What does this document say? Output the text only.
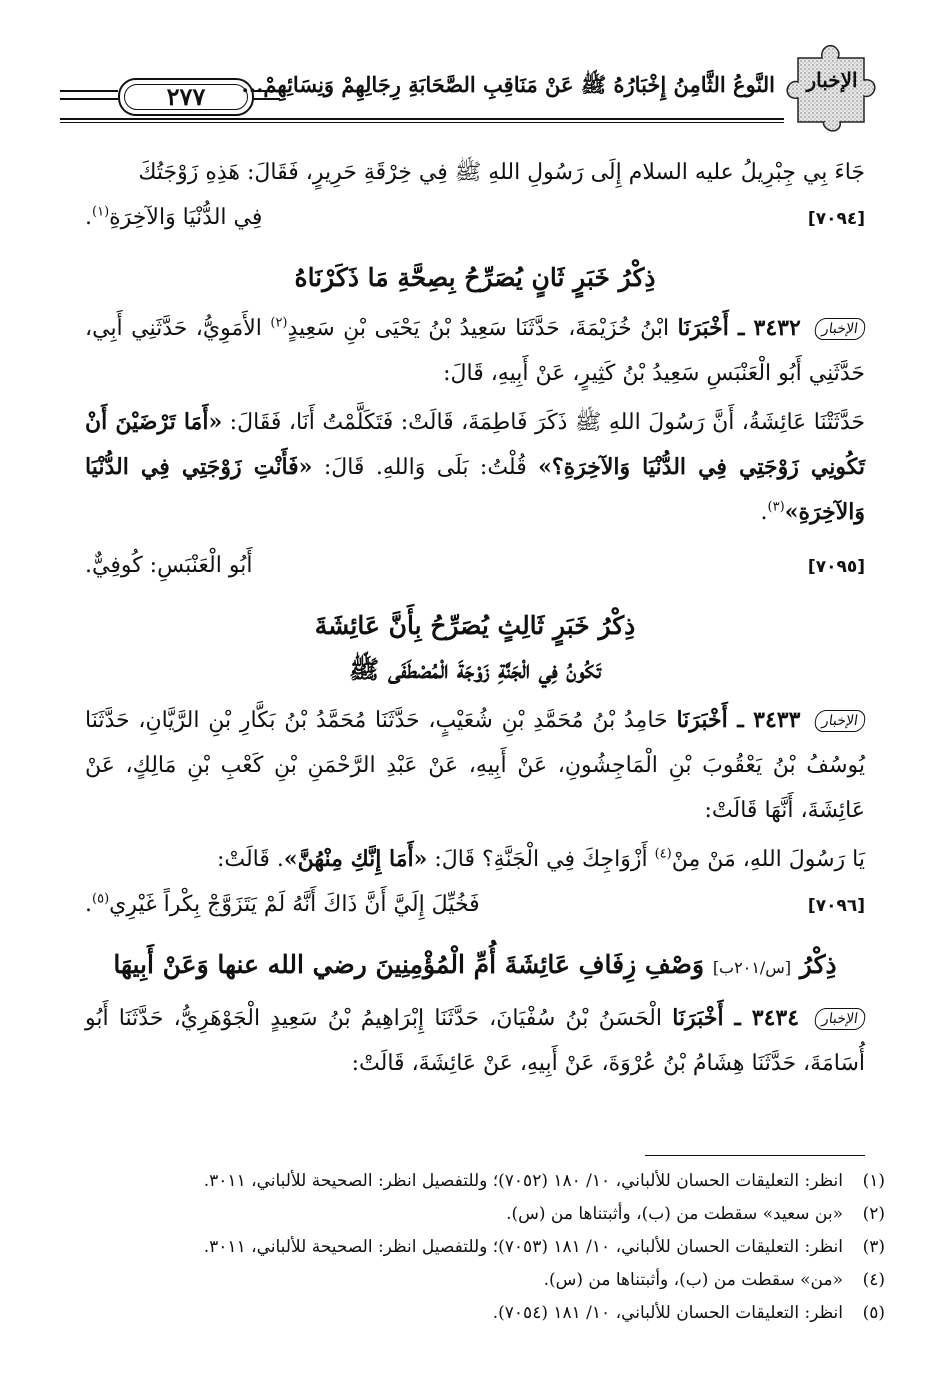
٢٧٧	النَّوعُ الثَّامِنُ إِخْبَارُهُ ﷺ عَنْ مَنَاقِبِ الصَّحَابَةِ رِجَالِهِمْ وَنِسَائِهِمْ...	الإخبار

جَاءَ بِي جِبْرِيلُ عليه السلام إِلَى رَسُولِ اللهِ ﷺ فِي خِرْقَةِ حَرِيرٍ، فَقَالَ: هَذِهِ زَوْجَتُكَ

فِي الدُّنْيَا وَالآخِرَةِ$^{(١)}$.	[٧٠٩٤]

ذِكْرُ خَبَرٍ ثَانٍ يُصَرِّحُ بِصِحَّةِ مَا ذَكَرْنَاهُ

الإخبار ٣٤٣٢ ـ أَخْبَرَنَا ابْنُ خُزَيْمَةَ، حَدَّثَنَا سَعِيدُ بْنُ يَحْيَى بْنِ سَعِيدٍ$^{(٢)}$ الأَمَوِيُّ، حَدَّثَنِي أَبِي، حَدَّثَنِي أَبُو الْعَنْبَسِ سَعِيدُ بْنُ كَثِيرٍ، عَنْ أَبِيهِ، قَالَ:

حَدَّثَتْنَا عَائِشَةُ، أَنَّ رَسُولَ اللهِ ﷺ ذَكَرَ فَاطِمَةَ، قَالَتْ: فَتَكَلَّمْتُ أَنَا، فَقَالَ: «أَمَا تَرْضَيْنَ أَنْ تَكُونِي زَوْجَتِي فِي الدُّنْيَا وَالآخِرَةِ؟» قُلْتُ: بَلَى وَاللهِ. قَالَ: «فَأَنْتِ زَوْجَتِي فِي الدُّنْيَا وَالآخِرَةِ»$^{(٣)}$.

أَبُو الْعَنْبَسِ: كُوفِيٌّ.	[٧٠٩٥]

ذِكْرُ خَبَرٍ ثَالِثٍ يُصَرِّحُ بِأَنَّ عَائِشَةَ

تَكُونُ فِي الْجَنَّةِ زَوْجَةَ الْمُصْطَفَى ﷺ

الإخبار ٣٤٣٣ ـ أَخْبَرَنَا حَامِدُ بْنُ مُحَمَّدِ بْنِ شُعَيْبٍ، حَدَّثَنَا مُحَمَّدُ بْنُ بَكَّارِ بْنِ الرَّيَّانِ، حَدَّثَنَا يُوسُفُ بْنُ يَعْقُوبَ بْنِ الْمَاجِشُونِ، عَنْ أَبِيهِ، عَنْ عَبْدِ الرَّحْمَنِ بْنِ كَعْبِ بْنِ مَالِكٍ، عَنْ عَائِشَةَ، أَنَّهَا قَالَتْ:

يَا رَسُولَ اللهِ، مَنْ مِنْ$^{(٤)}$ أَزْوَاجِكَ فِي الْجَنَّةِ؟ قَالَ: «أَمَا إِنَّكِ مِنْهُنَّ». قَالَتْ:

فَخُيِّلَ إِلَيَّ أَنَّ ذَاكَ أَنَّهُ لَمْ يَتَزَوَّجْ بِكْراً غَيْرِي$^{(٥)}$.	[٧٠٩٦]

ذِكْرُ [س/٢٠١ب] وَصْفِ زِفَافِ عَائِشَةَ أُمِّ الْمُؤْمِنِينَ رضي الله عنها وَعَنْ أَبِيهَا

الإخبار ٣٤٣٤ ـ أَخْبَرَنَا الْحَسَنُ بْنُ سُفْيَانَ، حَدَّثَنَا إِبْرَاهِيمُ بْنُ سَعِيدٍ الْجَوْهَرِيُّ، حَدَّثَنَا أَبُو أُسَامَةَ، حَدَّثَنَا هِشَامُ بْنُ عُرْوَةَ، عَنْ أَبِيهِ، عَنْ عَائِشَةَ، قَالَتْ:

(١)
انظر: التعليقات الحسان للألباني، ١٠/ ١٨٠ (٧٠٥٢)؛ وللتفصيل انظر: الصحيحة للألباني، ٣٠١١.
(٢)
«بن سعيد» سقطت من (ب)، وأثبتناها من (س).
(٣)
انظر: التعليقات الحسان للألباني، ١٠/ ١٨١ (٧٠٥٣)؛ وللتفصيل انظر: الصحيحة للألباني، ٣٠١١.
(٤)
«من» سقطت من (ب)، وأثبتناها من (س).
(٥)
انظر: التعليقات الحسان للألباني، ١٠/ ١٨١ (٧٠٥٤).
